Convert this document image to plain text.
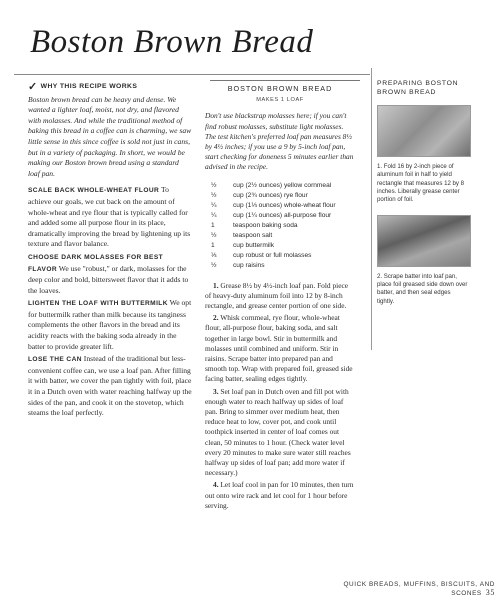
Boston Brown Bread
✓ WHY THIS RECIPE WORKS

Boston brown bread can be heavy and dense. We wanted a lighter loaf, moist, not dry, and flavored with molasses. And while the traditional method of baking this bread in a coffee can is charming, we saw little sense in this since coffee is sold not just in cans, but in a variety of packaging. In short, we would be making our Boston brown bread using a standard loaf pan.

SCALE BACK WHOLE-WHEAT FLOUR To achieve our goals, we cut back on the amount of whole-wheat and rye flour that is typically called for and added some all purpose flour in its place, dramatically improving the bread by lightening up its texture and flavor balance.

CHOOSE DARK MOLASSES FOR BEST FLAVOR We use "robust," or dark, molasses for the deep color and bold, bittersweet flavor that it adds to the loaves.

LIGHTEN THE LOAF WITH BUTTERMILK We opt for buttermilk rather than milk because its tanginess complements the other flavors in the bread and its acidity reacts with the baking soda already in the batter to provide greater lift.

LOSE THE CAN Instead of the traditional but less-convenient coffee can, we use a loaf pan. After filling it with batter, we cover the pan tightly with foil, place it in a Dutch oven with water reaching halfway up the sides of the pan, and cook it on the stovetop, which steams the loaf perfectly.

BOSTON BROWN BREAD
MAKES 1 LOAF

Don't use blackstrap molasses here; if you can't find robust molasses, substitute light molasses. The test kitchen's preferred loaf pan measures 8½ by 4½ inches; if you use a 9 by 5-inch loaf pan, start checking for doneness 5 minutes earlier than advised in the recipe.

½	cup (2½ ounces) yellow cornmeal
½	cup (2¾ ounces) rye flour
¼	cup (1⅓ ounces) whole-wheat flour
¼	cup (1¼ ounces) all-purpose flour
1	teaspoon baking soda
½	teaspoon salt
1	cup buttermilk
⅓	cup robust or full molasses
½	cup raisins

1. Grease 8½ by 4½-inch loaf pan. Fold piece of heavy-duty aluminum foil into 12 by 8-inch rectangle, and grease center portion of one side.

2. Whisk cornmeal, rye flour, whole-wheat flour, all-purpose flour, baking soda, and salt together in large bowl. Stir in buttermilk and molasses until combined and uniform. Stir in raisins. Scrape batter into prepared pan and smooth top. Wrap with prepared foil, greased side facing batter, sealing edges tightly.

3. Set loaf pan in Dutch oven and fill pot with enough water to reach halfway up sides of loaf pan. Bring to simmer over medium heat, then reduce heat to low, cover pot, and cook until toothpick inserted in center of loaf comes out clean, 50 minutes to 1 hour. (Check water level every 20 minutes to make sure water still reaches halfway up sides of loaf pan; add more water if necessary.)

4. Let loaf cool in pan for 10 minutes, then turn out onto wire rack and let cool for 1 hour before serving.

PREPARING BOSTON BROWN BREAD
1. Fold 16 by 2-inch piece of aluminum foil in half to yield rectangle that measures 12 by 8 inches. Liberally grease center portion of foil.
2. Scrape batter into loaf pan, place foil greased side down over batter, and then seal edges tightly.
QUICK BREADS, MUFFINS, BISCUITS, AND SCONES 35
